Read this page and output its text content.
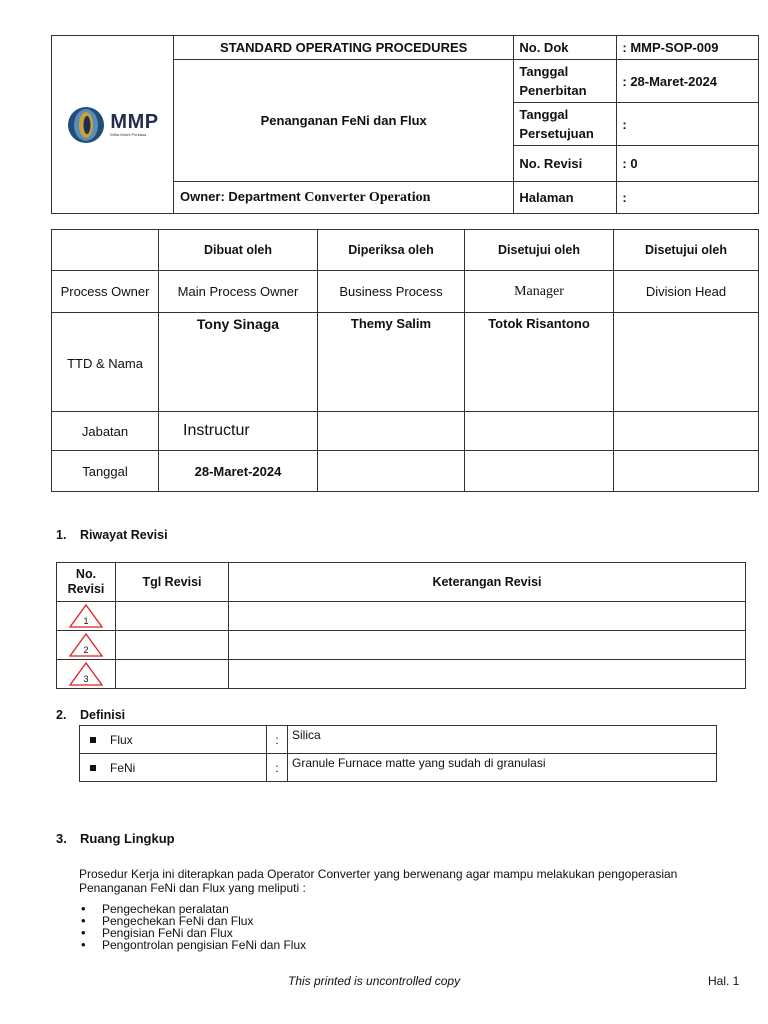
MMP
Mitra Murni Perkasa	STANDARD OPERATING PROCEDURES	No. Dok	: MMP-SOP-009
	Penanganan FeNi dan Flux	Tanggal Penerbitan	: 28-Maret-2024
		Tanggal Persetujuan	:
		No. Revisi	: 0
	Owner: Department Converter Operation	Halaman	:
	Dibuat oleh	Diperiksa oleh	Disetujui oleh	Disetujui oleh
Process Owner	Main Process Owner	Business Process	Manager	Division Head
TTD & Nama	Tony Sinaga	Themy Salim	Totok Risantono	
Jabatan	Instructur			
Tanggal	28-Maret-2024			
1. Riwayat Revisi
No. Revisi	Tgl Revisi	Keterangan Revisi

1		

2		

3		

2. Definisi
Flux	:	Silica
FeNi	:	Granule Furnace matte yang sudah di granulasi
3. Ruang Lingkup
Prosedur Kerja ini diterapkan pada Operator Converter yang berwenang agar mampu melakukan pengoperasian
Penanganan FeNi dan Flux yang meliputi :
• Pengechekan peralatan
• Pengechekan FeNi dan Flux
• Pengisian FeNi dan Flux
• Pengontrolan pengisian FeNi dan Flux
This printed is uncontrolled copy	Hal. 1
